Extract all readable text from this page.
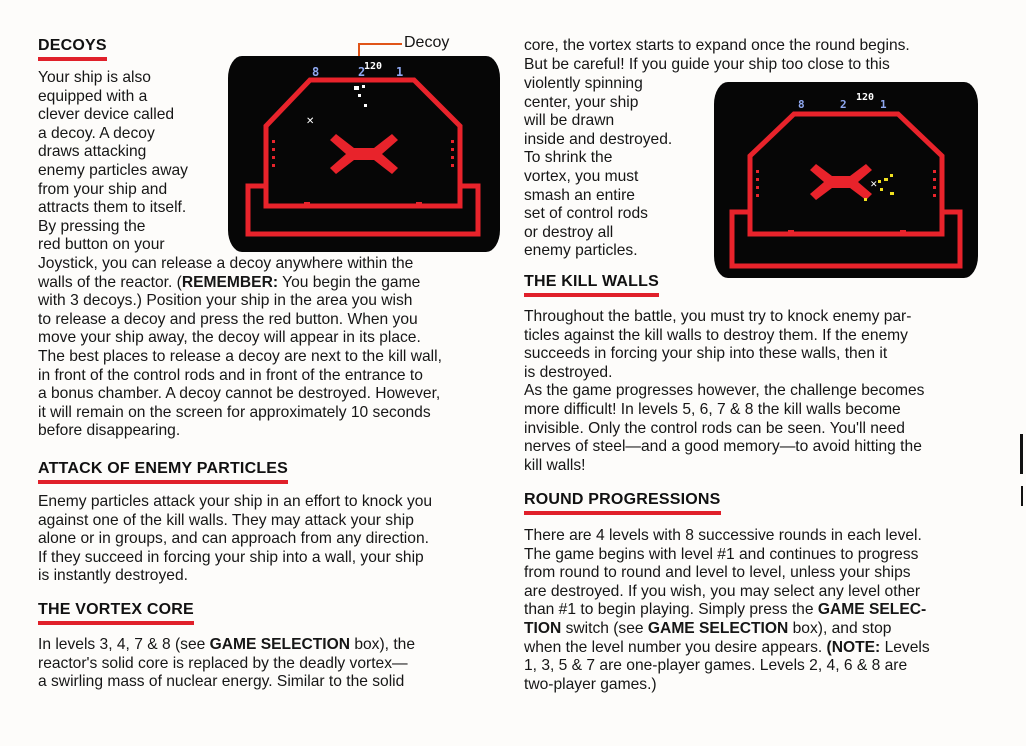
DECOYS

Your ship is also
equipped with a
clever device called
a decoy. A decoy
draws attacking
enemy particles away
from your ship and
attracts them to itself.
By pressing the
red button on your
Joystick, you can release a decoy anywhere within the
walls of the reactor. (REMEMBER: You begin the game
with 3 decoys.) Position your ship in the area you wish
to release a decoy and press the red button. When you
move your ship away, the decoy will appear in its place.
The best places to release a decoy are next to the kill wall,
in front of the control rods and in front of the entrance to
a bonus chamber. A decoy cannot be destroyed. However,
it will remain on the screen for approximately 10 seconds
before disappearing.

Decoy
8	2	1
120
✕
ATTACK OF ENEMY PARTICLES

Enemy particles attack your ship in an effort to knock you
against one of the kill walls. They may attack your ship
alone or in groups, and can approach from any direction.
If they succeed in forcing your ship into a wall, your ship
is instantly destroyed.

THE VORTEX CORE

In levels 3, 4, 7 & 8 (see GAME SELECTION box), the
reactor's solid core is replaced by the deadly vortex—
a swirling mass of nuclear energy. Similar to the solid

core, the vortex starts to expand once the round begins.
But be careful! If you guide your ship too close to this

violently spinning
center, your ship
will be drawn
inside and destroyed.
To shrink the
vortex, you must
smash an entire
set of control rods
or destroy all
enemy particles.

8	2	1
120
✕
THE KILL WALLS

Throughout the battle, you must try to knock enemy par-
ticles against the kill walls to destroy them. If the enemy
succeeds in forcing your ship into these walls, then it
is destroyed.
As the game progresses however, the challenge becomes
more difficult! In levels 5, 6, 7 & 8 the kill walls become
invisible. Only the control rods can be seen. You'll need
nerves of steel—and a good memory—to avoid hitting the
kill walls!

ROUND PROGRESSIONS

There are 4 levels with 8 successive rounds in each level.
The game begins with level #1 and continues to progress
from round to round and level to level, unless your ships
are destroyed. If you wish, you may select any level other
than #1 to begin playing. Simply press the GAME SELEC-
TION switch (see GAME SELECTION box), and stop
when the level number you desire appears. (NOTE: Levels
1, 3, 5 & 7 are one-player games. Levels 2, 4, 6 & 8 are
two-player games.)
